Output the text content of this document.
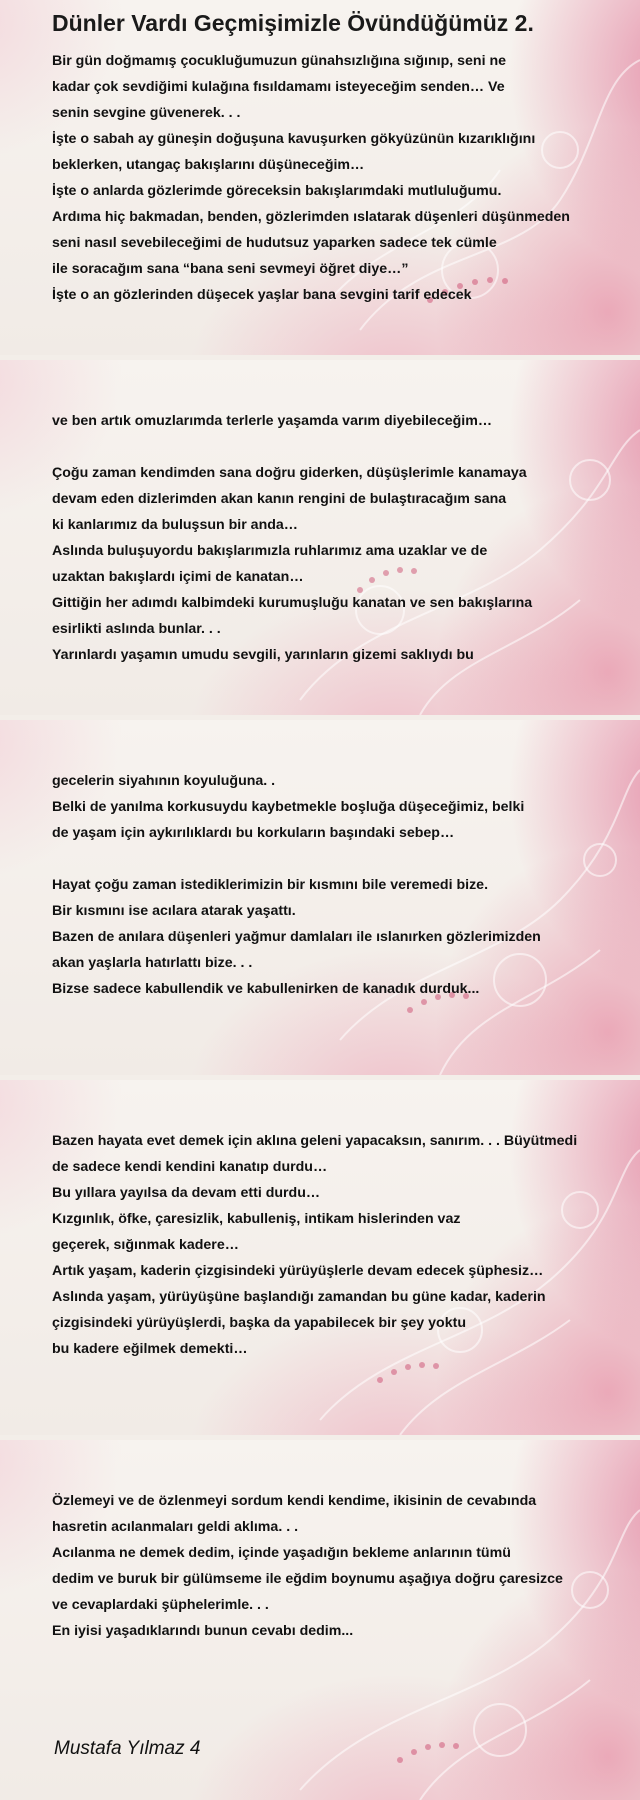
Dünler Vardı Geçmişimizle Övündüğümüz 2.
Bir gün doğmamış çocukluğumuzun günahsızlığına sığınıp, seni ne
kadar çok sevdiğimi kulağına fısıldamamı isteyeceğim senden… Ve
senin sevgine güvenerek. . .
İşte o sabah ay güneşin doğuşuna kavuşurken gökyüzünün kızarıklığını
beklerken, utangaç bakışlarını düşüneceğim…
İşte o anlarda gözlerimde göreceksin bakışlarımdaki mutluluğumu.
Ardıma hiç bakmadan, benden, gözlerimden ıslatarak düşenleri düşünmeden
seni nasıl sevebileceğimi de hudutsuz yaparken sadece tek cümle
ile soracağım sana “bana seni sevmeyi öğret diye…”
İşte o an gözlerinden düşecek yaşlar bana sevgini tarif edecek
ve ben artık omuzlarımda terlerle yaşamda varım diyebileceğim…
Çoğu zaman kendimden sana doğru giderken, düşüşlerimle kanamaya
devam eden dizlerimden akan kanın rengini de bulaştıracağım sana
ki kanlarımız da buluşsun bir anda…
Aslında buluşuyordu bakışlarımızla ruhlarımız ama uzaklar ve de
uzaktan bakışlardı içimi de kanatan…
Gittiğin her adımdı kalbimdeki kurumuşluğu kanatan ve sen bakışlarına
esirlikti aslında bunlar. . .
Yarınlardı yaşamın umudu sevgili, yarınların gizemi saklıydı bu
gecelerin siyahının koyuluğuna. .
Belki de yanılma korkusuydu kaybetmekle boşluğa düşeceğimiz, belki
de yaşam için aykırılıklardı bu korkuların başındaki sebep…
Hayat çoğu zaman istediklerimizin bir kısmını bile veremedi bize.
Bir kısmını ise acılara atarak yaşattı.
Bazen de anılara düşenleri yağmur damlaları ile ıslanırken gözlerimizden
akan yaşlarla hatırlattı bize. . .
Bizse sadece kabullendik ve kabullenirken de kanadık durduk...
Bazen hayata evet demek için aklına geleni yapacaksın, sanırım. . . Büyütmedi
de sadece kendi kendini kanatıp durdu…
Bu yıllara yayılsa da devam etti durdu…
Kızgınlık, öfke, çaresizlik, kabulleniş, intikam hislerinden vaz
geçerek, sığınmak kadere…
Artık yaşam, kaderin çizgisindeki yürüyüşlerle devam edecek şüphesiz…
Aslında yaşam, yürüyüşüne başlandığı zamandan bu güne kadar, kaderin
çizgisindeki yürüyüşlerdi, başka da yapabilecek bir şey yoktu
bu kadere eğilmek demekti…
Özlemeyi ve de özlenmeyi sordum kendi kendime, ikisinin de cevabında
hasretin acılanmaları geldi aklıma. . .
Acılanma ne demek dedim, içinde yaşadığın bekleme anlarının tümü
dedim ve buruk bir gülümseme ile eğdim boynumu aşağıya doğru çaresizce
ve cevaplardaki şüphelerimle. . .
En iyisi yaşadıklarındı bunun cevabı dedim...
Mustafa Yılmaz 4
